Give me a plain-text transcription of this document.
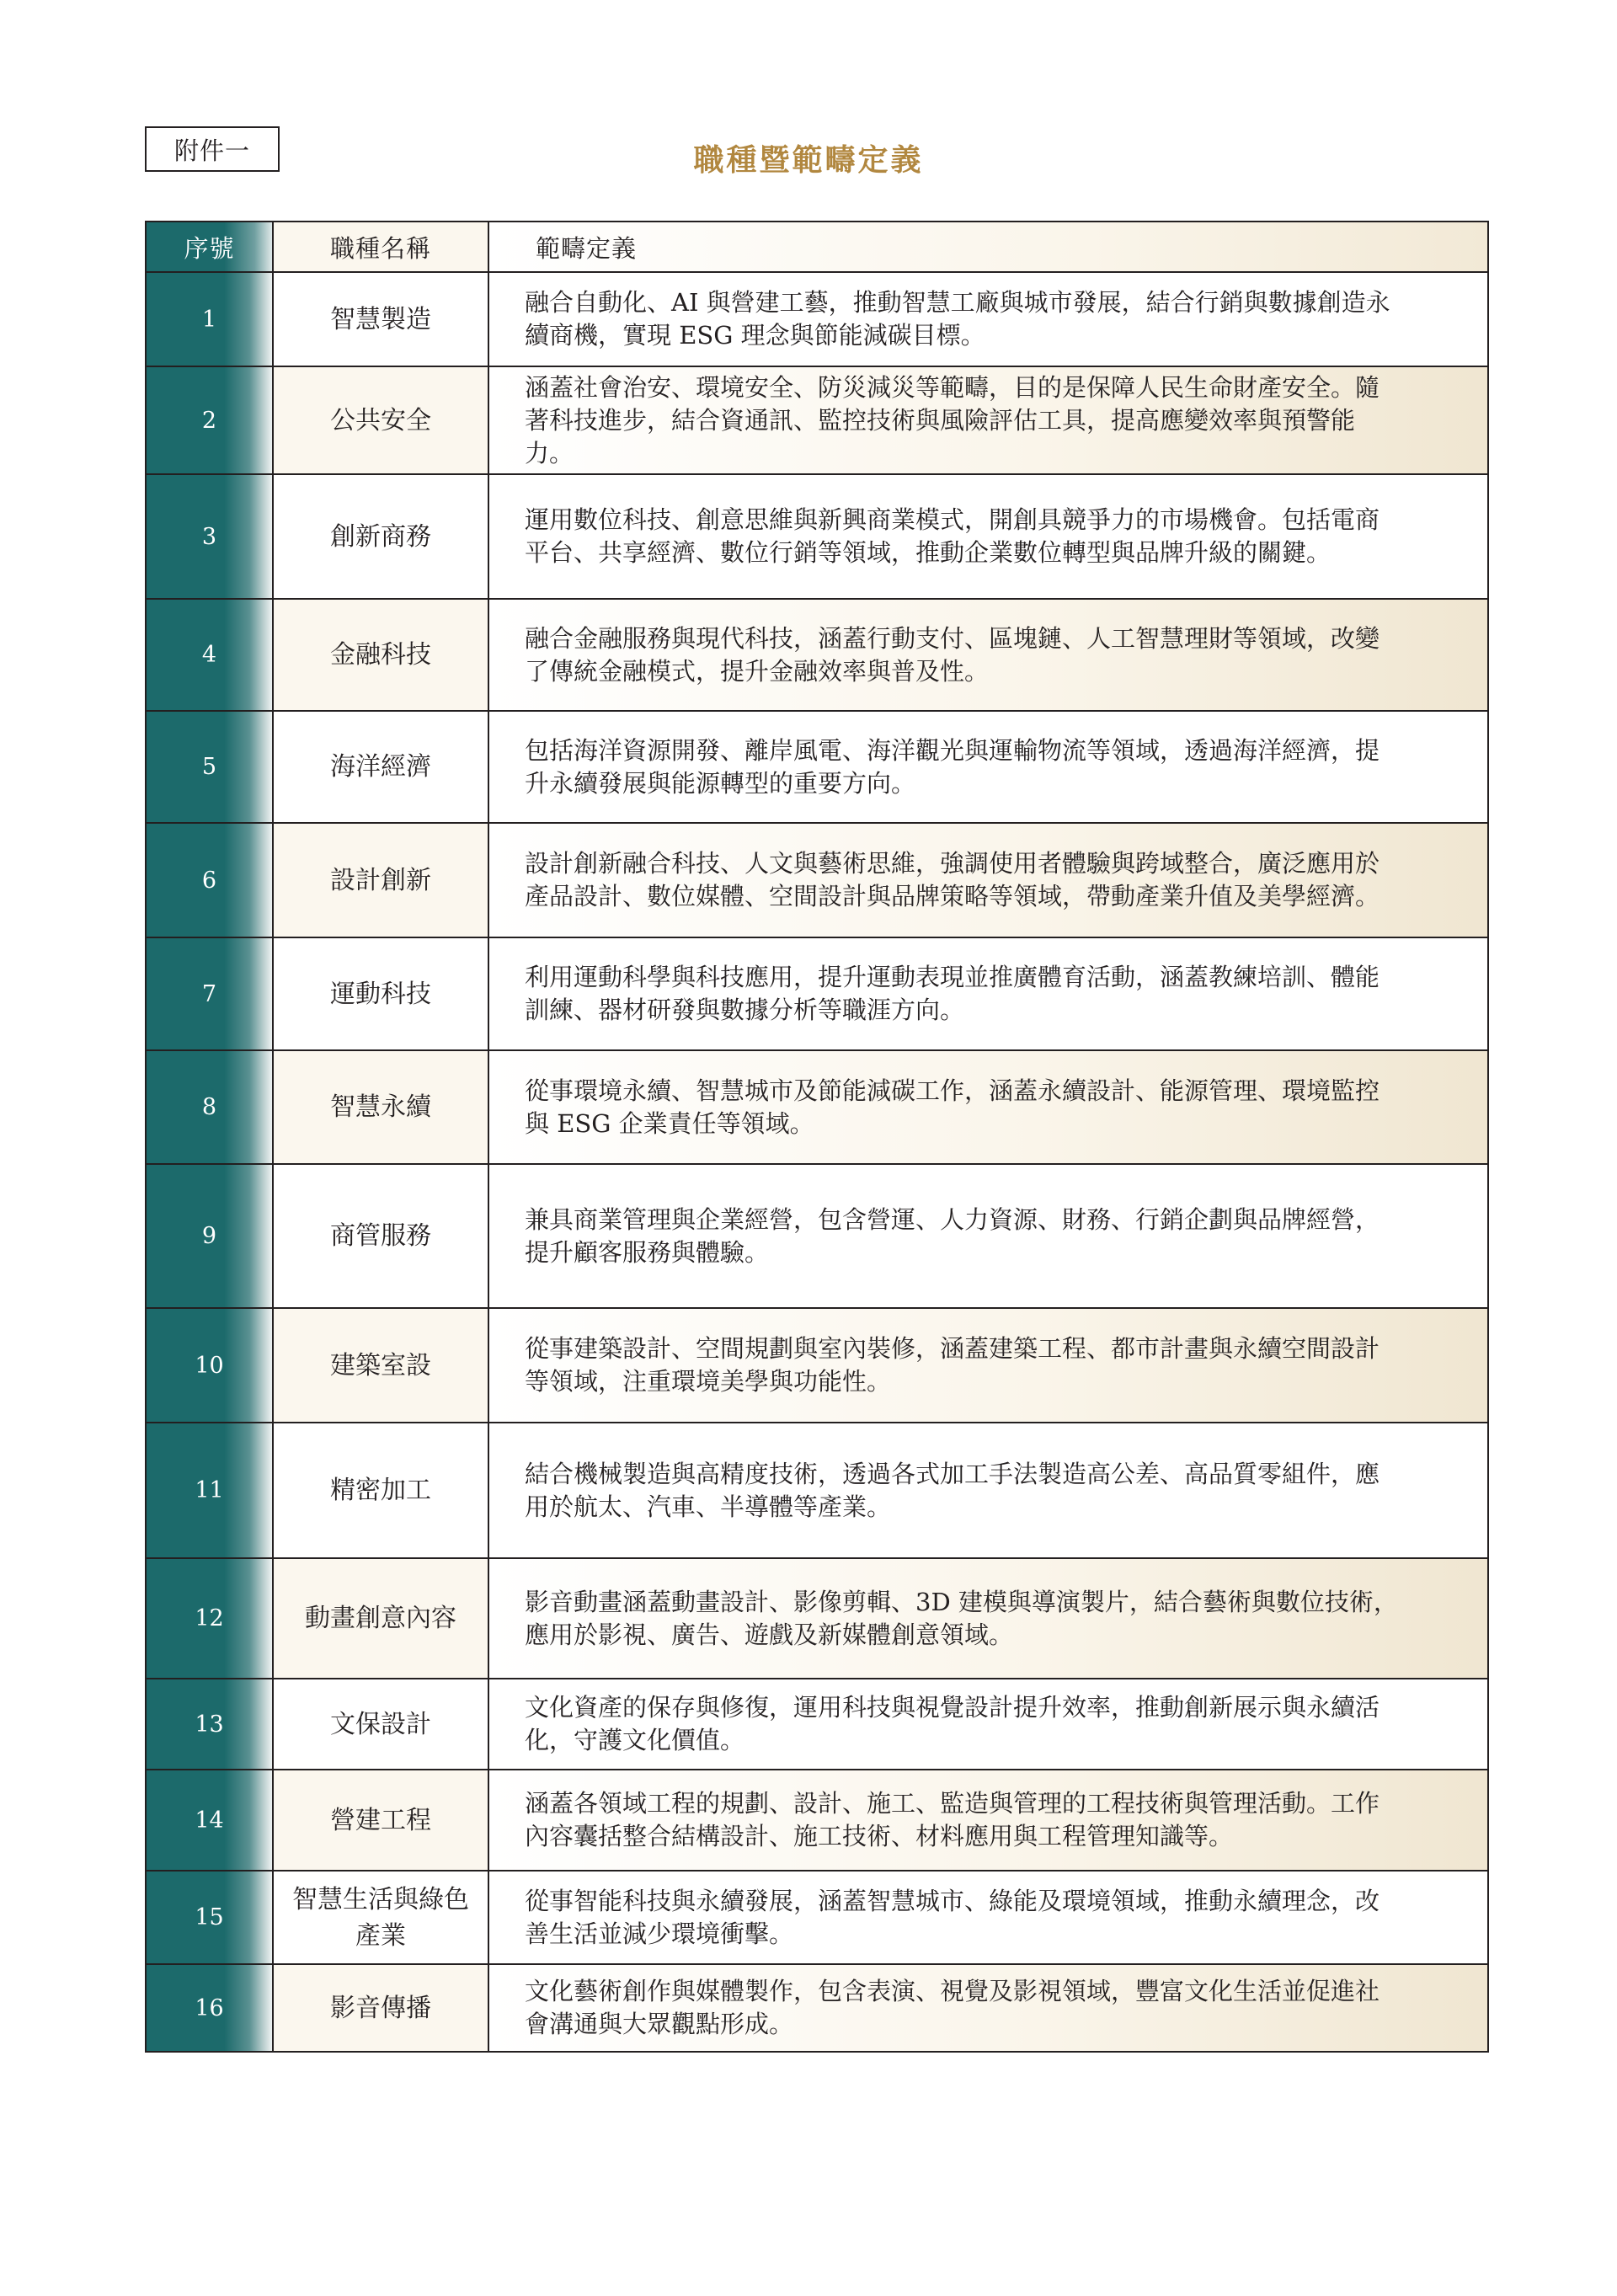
附件一	職種暨範疇定義
序號	職種名稱	範疇定義
1	智慧製造	融合自動化、AI 與營建工藝，推動智慧工廠與城市發展，結合行銷與數據創造永續商機，實現 ESG 理念與節能減碳目標。
2	公共安全	涵蓋社會治安、環境安全、防災減災等範疇，目的是保障人民生命財產安全。隨著科技進步，結合資通訊、監控技術與風險評估工具，提高應變效率與預警能力。
3	創新商務	運用數位科技、創意思維與新興商業模式，開創具競爭力的市場機會。包括電商平台、共享經濟、數位行銷等領域，推動企業數位轉型與品牌升級的關鍵。
4	金融科技	融合金融服務與現代科技，涵蓋行動支付、區塊鏈、人工智慧理財等領域，改變了傳統金融模式，提升金融效率與普及性。
5	海洋經濟	包括海洋資源開發、離岸風電、海洋觀光與運輸物流等領域，透過海洋經濟，提升永續發展與能源轉型的重要方向。
6	設計創新	設計創新融合科技、人文與藝術思維，強調使用者體驗與跨域整合，廣泛應用於產品設計、數位媒體、空間設計與品牌策略等領域，帶動產業升值及美學經濟。
7	運動科技	利用運動科學與科技應用，提升運動表現並推廣體育活動，涵蓋教練培訓、體能訓練、器材研發與數據分析等職涯方向。
8	智慧永續	從事環境永續、智慧城市及節能減碳工作，涵蓋永續設計、能源管理、環境監控與 ESG 企業責任等領域。
9	商管服務	兼具商業管理與企業經營，包含營運、人力資源、財務、行銷企劃與品牌經營，提升顧客服務與體驗。
10	建築室設	從事建築設計、空間規劃與室內裝修，涵蓋建築工程、都市計畫與永續空間設計等領域，注重環境美學與功能性。
11	精密加工	結合機械製造與高精度技術，透過各式加工手法製造高公差、高品質零組件，應用於航太、汽車、半導體等產業。
12	動畫創意內容	影音動畫涵蓋動畫設計、影像剪輯、3D 建模與導演製片，結合藝術與數位技術，應用於影視、廣告、遊戲及新媒體創意領域。
13	文保設計	文化資產的保存與修復，運用科技與視覺設計提升效率，推動創新展示與永續活化，守護文化價值。
14	營建工程	涵蓋各領域工程的規劃、設計、施工、監造與管理的工程技術與管理活動。工作內容囊括整合結構設計、施工技術、材料應用與工程管理知識等。
15	智慧生活與綠色產業	從事智能科技與永續發展，涵蓋智慧城市、綠能及環境領域，推動永續理念，改善生活並減少環境衝擊。
16	影音傳播	文化藝術創作與媒體製作，包含表演、視覺及影視領域，豐富文化生活並促進社會溝通與大眾觀點形成。
